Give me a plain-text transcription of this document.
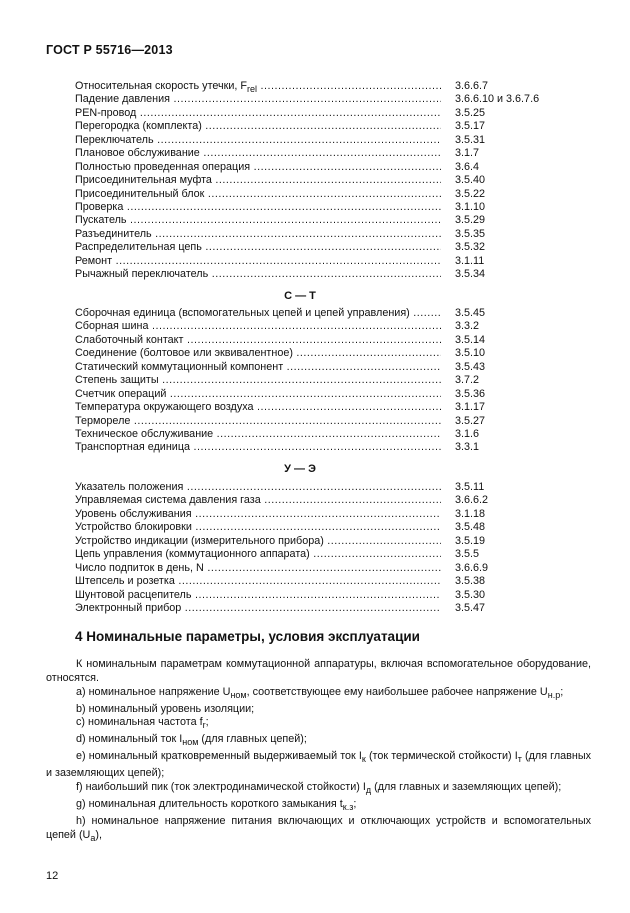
ГОСТ Р 55716—2013
Относительная скорость утечки, $F_{rel}$ .....	3.6.6.7
Падение давления .....	3.6.6.10 и 3.6.7.6
PEN-провод .....	3.5.25
Перегородка (комплекта) .....	3.5.17
Переключатель .....	3.5.31
Плановое обслуживание .....	3.1.7
Полностью проведенная операция .....	3.6.4
Присоединительная муфта .....	3.5.40
Присоединительный блок .....	3.5.22
Проверка .....	3.1.10
Пускатель .....	3.5.29
Разъединитель .....	3.5.35
Распределительная цепь .....	3.5.32
Ремонт .....	3.1.11
Рычажный переключатель .....	3.5.34
С — Т
Сборочная единица (вспомогательных цепей и цепей управления) .....	3.5.45
Сборная шина .....	3.3.2
Слаботочный контакт .....	3.5.14
Соединение (болтовое или эквивалентное) .....	3.5.10
Статический коммутационный компонент .....	3.5.43
Степень защиты .....	3.7.2
Счетчик операций .....	3.5.36
Температура окружающего воздуха .....	3.1.17
Термореле .....	3.5.27
Техническое обслуживание .....	3.1.6
Транспортная единица .....	3.3.1
У — Э
Указатель положения .....	3.5.11
Управляемая система давления газа .....	3.6.6.2
Уровень обслуживания .....	3.1.18
Устройство блокировки .....	3.5.48
Устройство индикации (измерительного прибора) .....	3.5.19
Цепь управления (коммутационного аппарата) .....	3.5.5
Число подпиток в день, N .....	3.6.6.9
Штепсель и розетка .....	3.5.38
Шунтовой расцепитель .....	3.5.30
Электронный прибор .....	3.5.47
4 Номинальные параметры, условия эксплуатации

К номинальным параметрам коммутационной аппаратуры, включая вспомогательное оборудование, относятся.

а) номинальное напряжение $U_{ном}$, соответствующее ему наибольшее рабочее напряжение $U_{н.р}$;

b) номинальный уровень изоляции;

c) номинальная частота $f_r$;

d) номинальный ток $I_{ном}$ (для главных цепей);

e) номинальный кратковременный выдерживаемый ток $I_к$ (ток термической стойкости) $I_т$ (для главных и заземляющих цепей);

f) наибольший пик (ток электродинамической стойкости) $I_д$ (для главных и заземляющих цепей);

g) номинальная длительность короткого замыкания $t_{к.з}$;

h) номинальное напряжение питания включающих и отключающих устройств и вспомогательных цепей $(U_a)$,

12
